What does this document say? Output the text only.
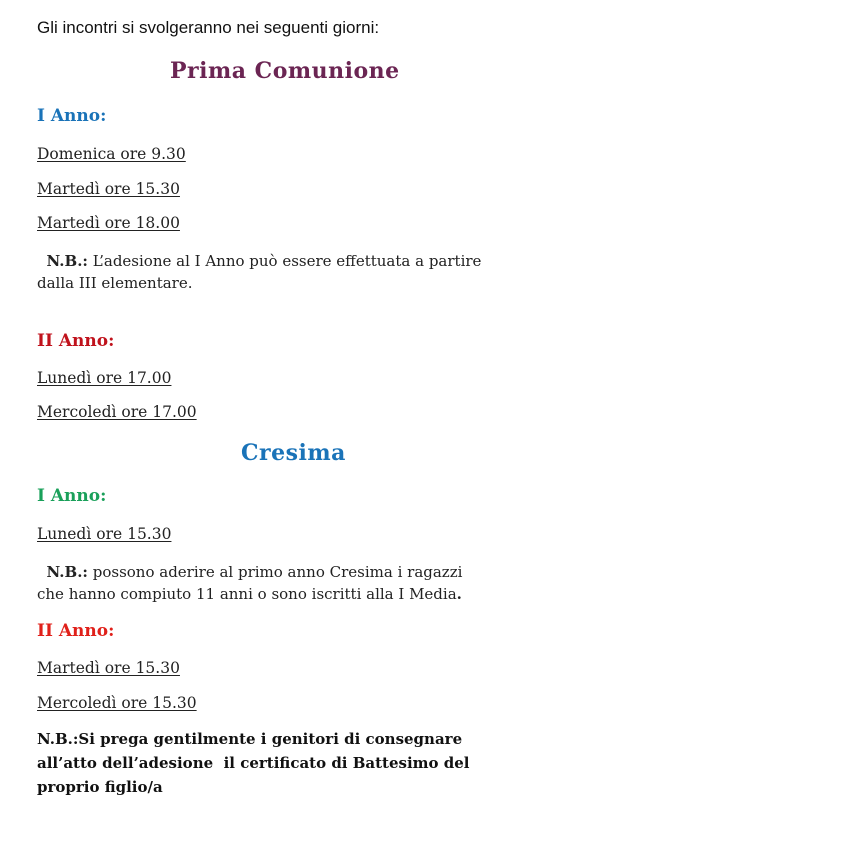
Gli incontri si svolgeranno nei seguenti giorni:
Prima Comunione
I Anno:
Domenica ore 9.30
Martedì ore 15.30
Martedì ore 18.00
N.B.: L’adesione al I Anno può essere effettuata a partire
dalla III elementare.
II Anno:
Lunedì ore 17.00
Mercoledì ore 17.00
Cresima
I Anno:
Lunedì ore 15.30
N.B.: possono aderire al primo anno Cresima i ragazzi
che hanno compiuto 11 anni o sono iscritti alla I Media.
II Anno:
Martedì ore 15.30
Mercoledì ore 15.30
N.B.:Si prega gentilmente i genitori di consegnare
all’atto dell’adesione  il certificato di Battesimo del
proprio figlio/a
